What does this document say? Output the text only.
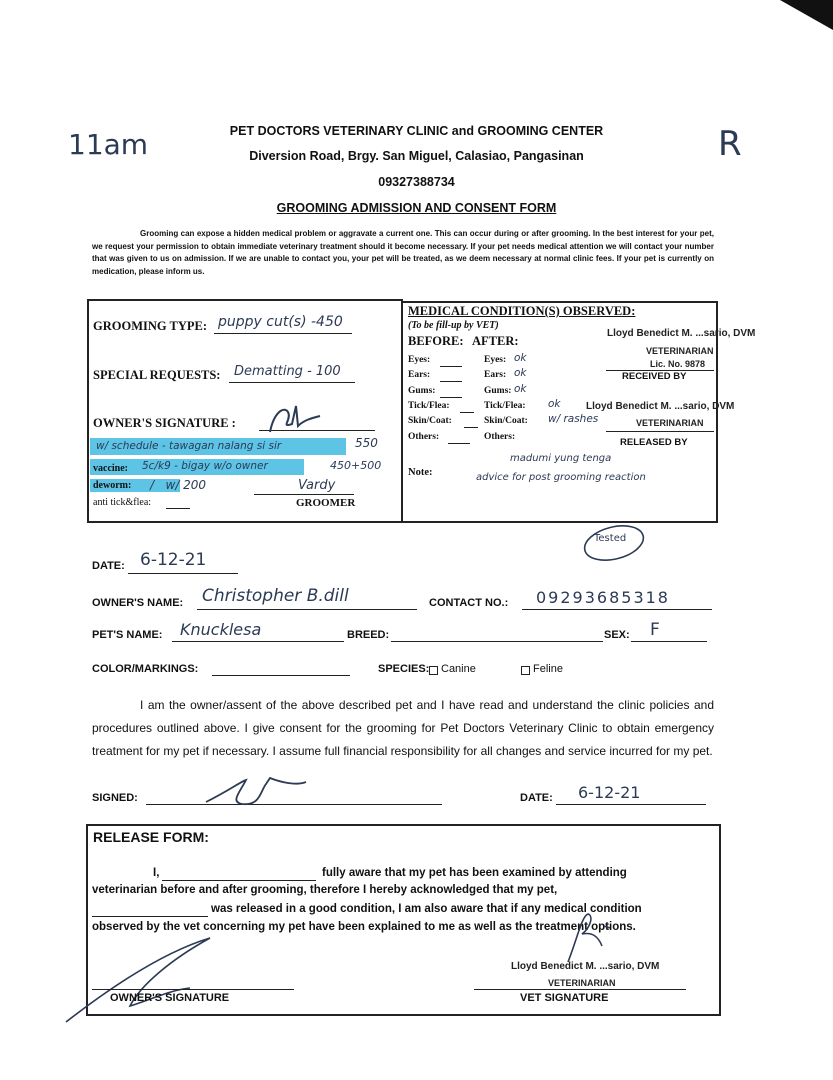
11am	R
PET DOCTORS VETERINARY CLINIC and GROOMING CENTER
Diversion Road, Brgy. San Miguel, Calasiao, Pangasinan
09327388734
GROOMING ADMISSION AND CONSENT FORM
Grooming can expose a hidden medical problem or aggravate a current one. This can occur during or after grooming. In the best interest for your pet, we request your permission to obtain immediate veterinary treatment should it become necessary. If your pet needs medical attention we will contact your number that was given to us on admission. If we are unable to contact you, your pet will be treated, as we deem necessary at normal clinic fees. If your pet is currently on medication, please inform us.
GROOMING TYPE: puppy cut(s) -450
SPECIAL REQUESTS: Dematting - 100
OWNER'S SIGNATURE :
w/ schedule - tawagan nalang si sir	550
vaccine: 5c/k9 - bigay w/o owner	450+500
deworm: /   w/ 200
anti tick&flea:
Vardy
GROOMER
MEDICAL CONDITION(S) OBSERVED:
(To be fill-up by VET)
BEFORE: AFTER:
Eyes:	Eyes: ok
Ears:	Ears: ok
Gums:	Gums: ok
Tick/Flea:	Tick/Flea: ok
Skin/Coat:	Skin/Coat: w/ rashes
Others:	Others:
Note:
madumi yung tenga
advice for post grooming reaction
Lloyd Benedict M. ...sario, DVM
VETERINARIAN
Lic. No. 9878
RECEIVED BY
Lloyd Benedict M. ...sario, DVM
VETERINARIAN
RELEASED BY
Tested
DATE: 6-12-21
OWNER'S NAME: Christopher B.dill	CONTACT NO.: 09293685318
PET'S NAME: Knucklesa	BREED:	SEX: F
COLOR/MARKINGS:	SPECIES: Canine	Feline
I am the owner/assent of the above described pet and I have read and understand the clinic policies and procedures outlined above. I give consent for the grooming for Pet Doctors Veterinary Clinic to obtain emergency treatment for my pet if necessary. I assume full financial responsibility for all changes and service incurred for my pet.
SIGNED:	DATE: 6-12-21
RELEASE FORM:
I,	fully aware that my pet has been examined by attending
veterinarian before and after grooming, therefore I hereby acknowledged that my pet,
was released in a good condition, I am also aware that if any medical condition
observed by the vet concerning my pet have been explained to me as well as the treatment options.
Lloyd Benedict M. ...sario, DVM
VETERINARIAN
OWNER'S SIGNATURE	VET SIGNATURE
